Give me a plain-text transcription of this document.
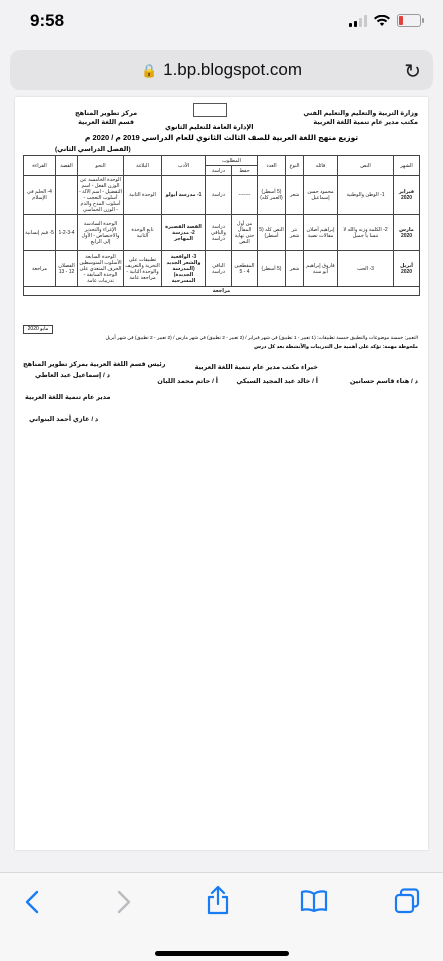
9:58
🔒 1.bp.blogspot.com	↻
وزارة التربية والتعليم والتعليم الفني
مكتب مدير عام تنمية اللغة العربية
مركز تطوير المناهج
قسم اللغة العربية
الإدارة العامة للتعليم الثانوي
توزيع منهج اللغة العربية للصف الثالث الثانوي للعام الدراسي 2019 م / 2020 م
(الفصل الدراسي الثاني)
الشهر	النص	قائله	النوع	العدد	المطلوب		الأدب	البلاغة	النحو	القصة	القراءة
					حفظ	دراسة					
فبراير 2020	1- الوطن والوطنية	محمود حسن إسماعيل	شعر	(5 أسطر) (العمر كله)	-------	دراسة	1- مدرسة أبولو	الوحدة الثانية	الوحدة الخامسة عن الوزن الفعل - اسم التفضيل - اسم الآلة - أسلوب التعجب - أسلوب المدح والذم - الوزن الخماسي		4- الحلم في الإسلام
مارس 2020	2- الكلمة وزنه والله لا تنسا يا جميل	إبراهيم أصلان مقالات نصية	نثر شعر	النص كله (5 أسطر)	من أول المقال حتى نهاية النص	دراسة والباقي دراسة	القصة القصيرة 2- مدرسة المهاجر	تابع الوحدة الثانية	الوحدة السادسة الإغراء والتحذير والاختصاص - الأول إلى الرابع	1-2-3-4	5- قيم إنسانية
أبريل 2020	3- الحب	فاروق إبراهيم أبو سنة	شعر	(5 أسطر)	المقطعين 4 - 5	الباقي دراسة	3- الواقعية والشعر الجديد (المدرسة الجديدة) المسرحية	تطبيقات على التحرية والتعريف والوحدة الثانية - مراجعة عامة	الوحدة السابعة الأسلوب المتوسطين الحرف المتعدي على الوحدة السابقة - تدريبات عامة	الفصلان 12 - 13	مراجعة
مراجعة											
مايو 2020
التعبير: خمسة موضوعات والتطبيق خمسة تطبيقات: (1 تعبير - 1 تطبيق) في شهر فبراير / (2 تعبير - 2 تطبيق) في شهر مارس / (2 تعبير - 2 تطبيق) في شهر أبريل
ملحوظة مهمة: تؤكد على أهمية حل التدريبات والأنشطة بعد كل درس
رئيس قسم اللغة العربية بمركز تطوير المناهج
د / إسماعيل عبد العاطي
خبراء مكتب مدير عام تنمية اللغة العربية
د / هناء قاسم حسانين
أ / خالد عبد المجيد السبكي
أ / حاتم محمد اللبان
مدير عام تنمية اللغة العربية
د / غازي أحمد البنواني
